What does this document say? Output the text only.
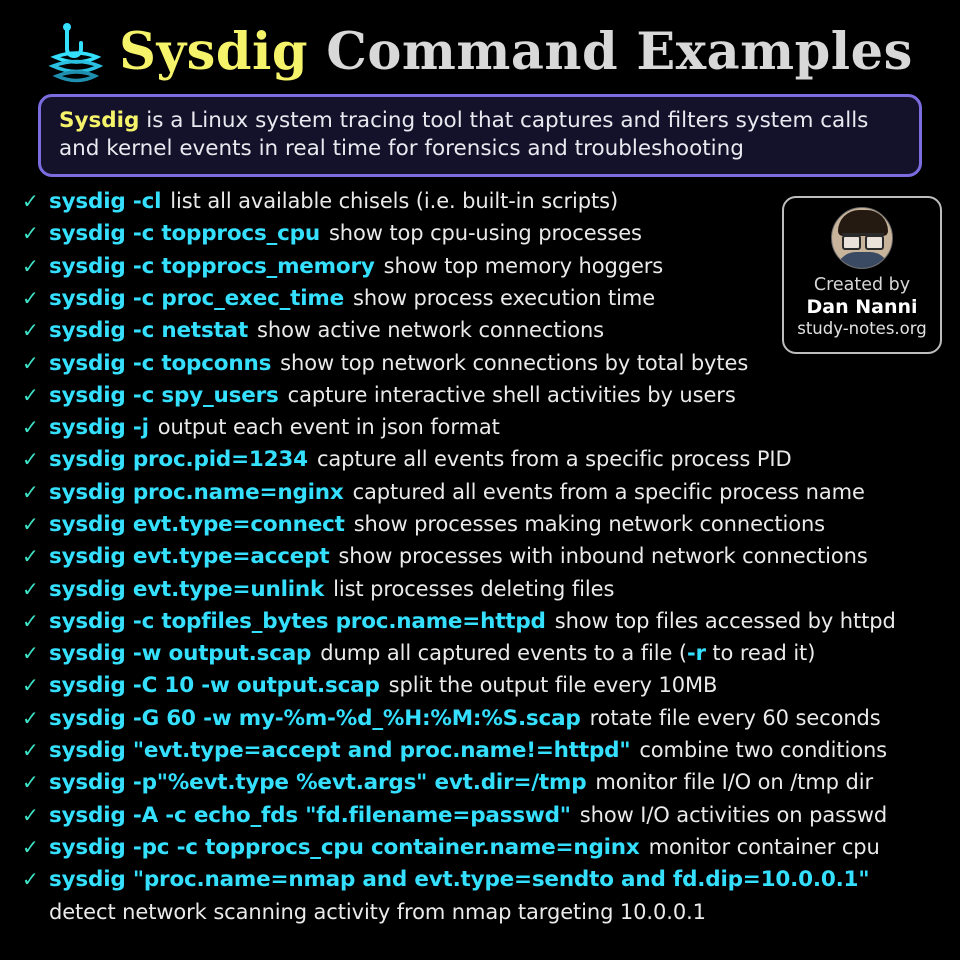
Sysdig Command Examples

Sysdig is a Linux system tracing tool that captures and filters system calls and kernel events in real time for forensics and troubleshooting

Created by
Dan Nanni
study-notes.org
✓ sysdig -cl list all available chisels (i.e. built-in scripts)
✓ sysdig -c topprocs_cpu show top cpu-using processes
✓ sysdig -c topprocs_memory show top memory hoggers
✓ sysdig -c proc_exec_time show process execution time
✓ sysdig -c netstat show active network connections
✓ sysdig -c topconns show top network connections by total bytes
✓ sysdig -c spy_users capture interactive shell activities by users
✓ sysdig -j output each event in json format
✓ sysdig proc.pid=1234 capture all events from a specific process PID
✓ sysdig proc.name=nginx captured all events from a specific process name
✓ sysdig evt.type=connect show processes making network connections
✓ sysdig evt.type=accept show processes with inbound network connections
✓ sysdig evt.type=unlink list processes deleting files
✓ sysdig -c topfiles_bytes proc.name=httpd show top files accessed by httpd
✓ sysdig -w output.scap dump all captured events to a file (-r to read it)
✓ sysdig -C 10 -w output.scap split the output file every 10MB
✓ sysdig -G 60 -w my-%m-%d_%H:%M:%S.scap rotate file every 60 seconds
✓ sysdig "evt.type=accept and proc.name!=httpd" combine two conditions
✓ sysdig -p"%evt.type %evt.args" evt.dir=/tmp monitor file I/O on /tmp dir
✓ sysdig -A -c echo_fds "fd.filename=passwd" show I/O activities on passwd
✓ sysdig -pc -c topprocs_cpu container.name=nginx monitor container cpu
✓ sysdig "proc.name=nmap and evt.type=sendto and fd.dip=10.0.0.1"
detect network scanning activity from nmap targeting 10.0.0.1
